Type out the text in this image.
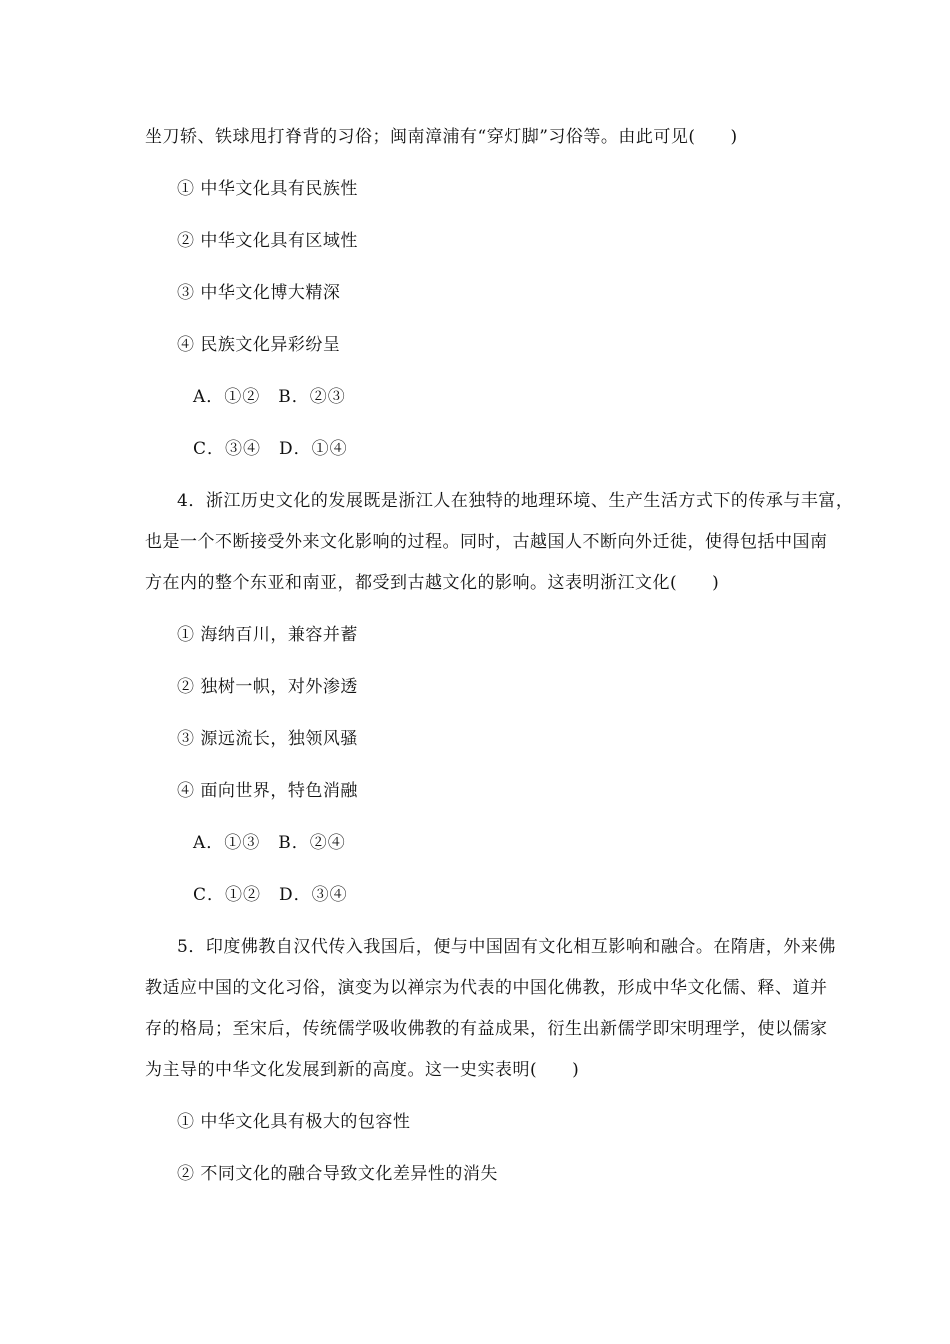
坐刀轿、铁球甩打脊背的习俗；闽南漳浦有“穿灯脚”习俗等。由此可见(　　)
① 中华文化具有民族性
② 中华文化具有区域性
③ 中华文化博大精深
④ 民族文化异彩纷呈
A．①②　B．②③
C．③④　D．①④
4．浙江历史文化的发展既是浙江人在独特的地理环境、生产生活方式下的传承与丰富，
也是一个不断接受外来文化影响的过程。同时，古越国人不断向外迁徙，使得包括中国南
方在内的整个东亚和南亚，都受到古越文化的影响。这表明浙江文化(　　)
① 海纳百川，兼容并蓄
② 独树一帜，对外渗透
③ 源远流长，独领风骚
④ 面向世界，特色消融
A．①③　B．②④
C．①②　D．③④
5．印度佛教自汉代传入我国后，便与中国固有文化相互影响和融合。在隋唐，外来佛
教适应中国的文化习俗，演变为以禅宗为代表的中国化佛教，形成中华文化儒、释、道并
存的格局；至宋后，传统儒学吸收佛教的有益成果，衍生出新儒学即宋明理学，使以儒家
为主导的中华文化发展到新的高度。这一史实表明(　　)
① 中华文化具有极大的包容性
② 不同文化的融合导致文化差异性的消失
